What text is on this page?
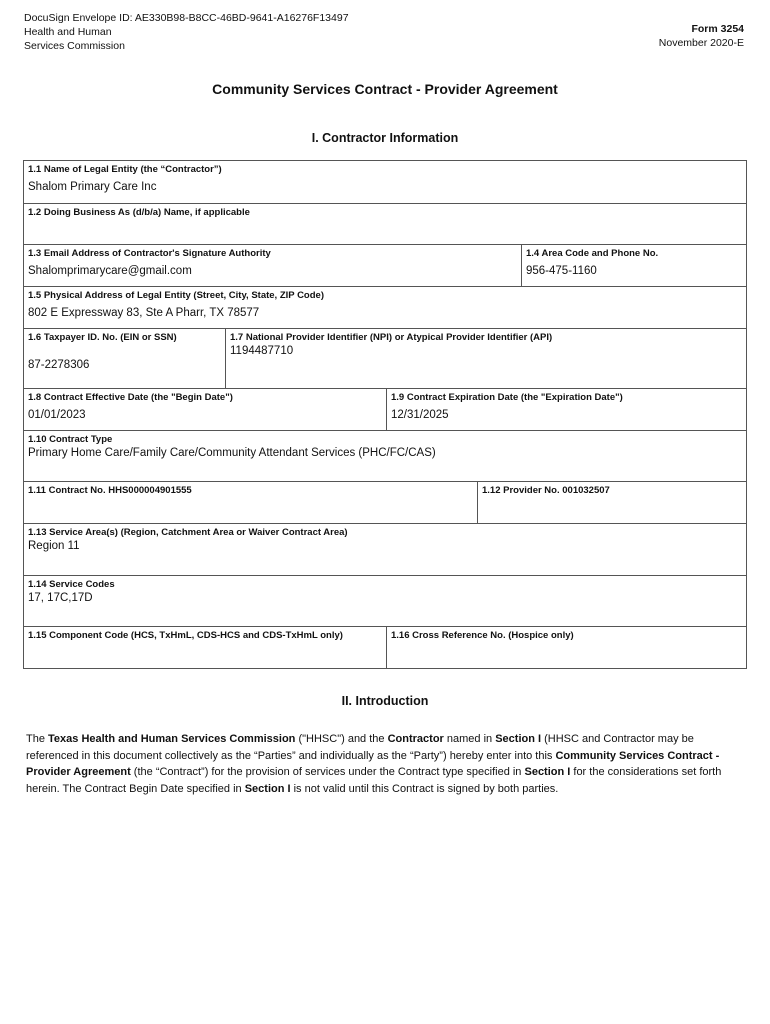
DocuSign Envelope ID: AE330B98-B8CC-46BD-9641-A16276F13497
Health and Human
Services Commission
Form 3254
November 2020-E
Community Services Contract - Provider Agreement
I. Contractor Information
1.1 Name of Legal Entity (the “Contractor”)
Shalom Primary Care Inc
1.2 Doing Business As (d/b/a) Name, if applicable
1.3 Email Address of Contractor's Signature Authority
Shalomprimarycare@gmail.com
1.4 Area Code and Phone No.
956-475-1160
1.5 Physical Address of Legal Entity (Street, City, State, ZIP Code)
802 E Expressway 83, Ste A Pharr, TX 78577
1.6 Taxpayer ID. No. (EIN or SSN)
87-2278306
1.7 National Provider Identifier (NPI) or Atypical Provider Identifier (API)
1194487710
1.8 Contract Effective Date (the "Begin Date")
01/01/2023
1.9 Contract Expiration Date (the "Expiration Date")
12/31/2025
1.10 Contract Type
Primary Home Care/Family Care/Community Attendant Services (PHC/FC/CAS)
1.11 Contract No. HHS000004901555	1.12 Provider No. 001032507
1.13 Service Area(s) (Region, Catchment Area or Waiver Contract Area)
Region 11
1.14 Service Codes
17, 17C,17D
1.15 Component Code (HCS, TxHmL, CDS-HCS and CDS-TxHmL only)	1.16 Cross Reference No. (Hospice only)
II. Introduction
The Texas Health and Human Services Commission ("HHSC") and the Contractor named in Section I (HHSC and Contractor may be referenced in this document collectively as the “Parties” and individually as the “Party”) hereby enter into this Community Services Contract - Provider Agreement (the “Contract”) for the provision of services under the Contract type specified in Section I for the considerations set forth herein. The Contract Begin Date specified in Section I is not valid until this Contract is signed by both parties.
